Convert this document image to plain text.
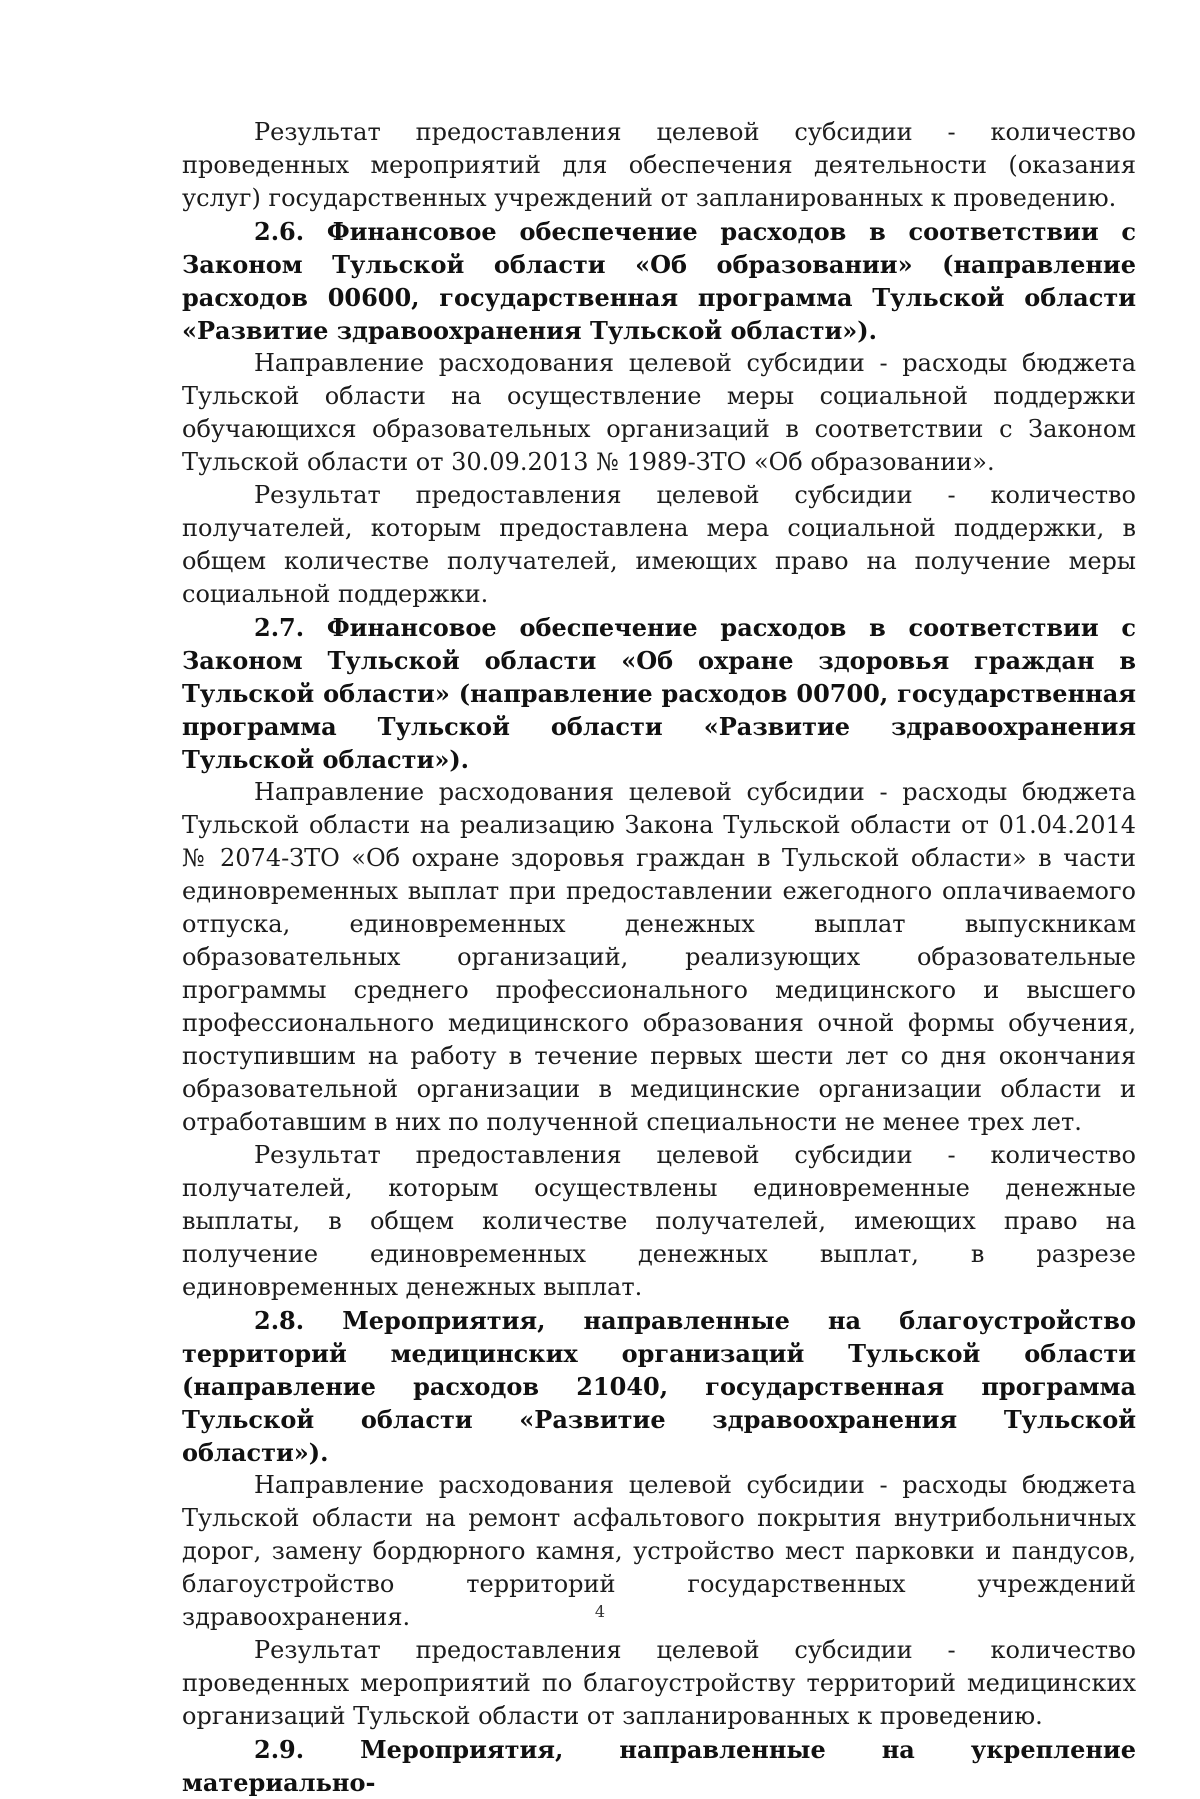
Результат предоставления целевой субсидии - количество проведенных мероприятий для обеспечения деятельности (оказания услуг) государственных учреждений от запланированных к проведению.

2.6. Финансовое обеспечение расходов в соответствии с Законом Тульской области «Об образовании» (направление расходов 00600, государственная программа Тульской области «Развитие здравоохранения Тульской области»).

Направление расходования целевой субсидии - расходы бюджета Тульской области на осуществление меры социальной поддержки обучающихся образовательных организаций в соответствии с Законом Тульской области от 30.09.2013 № 1989-ЗТО «Об образовании».

Результат предоставления целевой субсидии - количество получателей, которым предоставлена мера социальной поддержки, в общем количестве получателей, имеющих право на получение меры социальной поддержки.

2.7. Финансовое обеспечение расходов в соответствии с Законом Тульской области «Об охране здоровья граждан в Тульской области» (направление расходов 00700, государственная программа Тульской области «Развитие здравоохранения Тульской области»).

Направление расходования целевой субсидии - расходы бюджета Тульской области на реализацию Закона Тульской области от 01.04.2014 № 2074-ЗТО «Об охране здоровья граждан в Тульской области» в части единовременных выплат при предоставлении ежегодного оплачиваемого отпуска, единовременных денежных выплат выпускникам образовательных организаций, реализующих образовательные программы среднего профессионального медицинского и высшего профессионального медицинского образования очной формы обучения, поступившим на работу в течение первых шести лет со дня окончания образовательной организации в медицинские организации области и отработавшим в них по полученной специальности не менее трех лет.

Результат предоставления целевой субсидии - количество получателей, которым осуществлены единовременные денежные выплаты, в общем количестве получателей, имеющих право на получение единовременных денежных выплат, в разрезе единовременных денежных выплат.

2.8. Мероприятия, направленные на благоустройство территорий медицинских организаций Тульской области (направление расходов 21040, государственная программа Тульской области «Развитие здравоохранения Тульской области»).

Направление расходования целевой субсидии - расходы бюджета Тульской области на ремонт асфальтового покрытия внутрибольничных дорог, замену бордюрного камня, устройство мест парковки и пандусов, благоустройство территорий государственных учреждений здравоохранения.

Результат предоставления целевой субсидии - количество проведенных мероприятий по благоустройству территорий медицинских организаций Тульской области от запланированных к проведению.

2.9. Мероприятия, направленные на укрепление материально-

4
